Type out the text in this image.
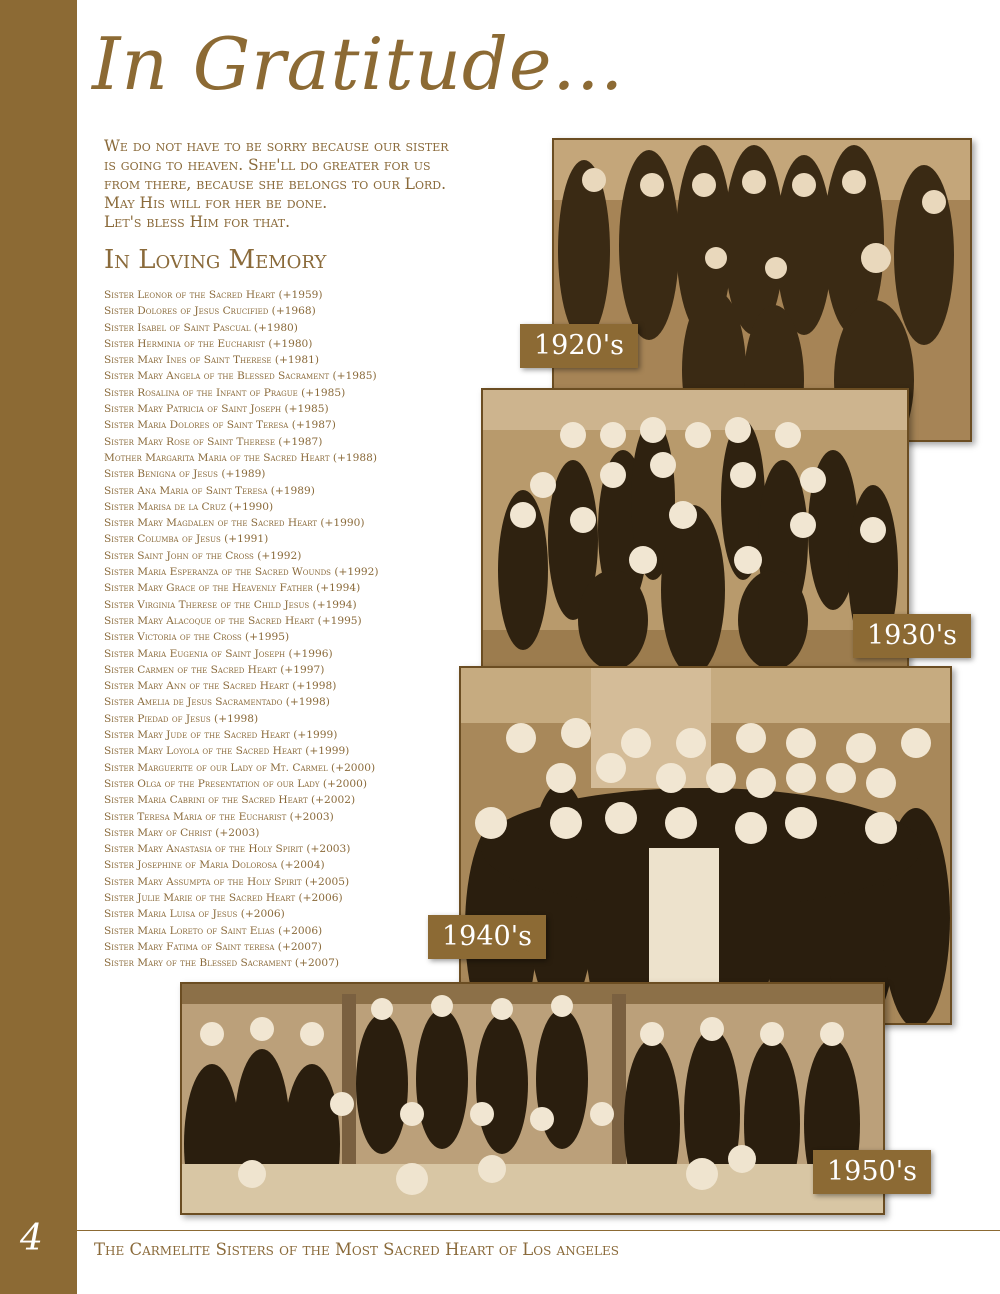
4
In Gratitude...
We do not have to be sorry because our sister
is going to heaven. She'll do greater for us
from there, because she belongs to our Lord.
May His will for her be done.
Let's bless Him for that.
In Loving Memory
Sister Leonor of the Sacred Heart (+1959)
Sister Dolores of Jesus Crucified (+1968)
Sister Isabel of Saint Pascual (+1980)
Sister Herminia of the Eucharist (+1980)
Sister Mary Ines of Saint Therese (+1981)
Sister Mary Angela of the Blessed Sacrament (+1985)
Sister Rosalina of the Infant of Prague (+1985)
Sister Mary Patricia of Saint Joseph (+1985)
Sister Maria Dolores of Saint Teresa (+1987)
Sister Mary Rose of Saint Therese (+1987)
Mother Margarita Maria of the Sacred Heart (+1988)
Sister Benigna of Jesus (+1989)
Sister Ana Maria of Saint Teresa (+1989)
Sister Marisa de la Cruz (+1990)
Sister Mary Magdalen of the Sacred Heart (+1990)
Sister Columba of Jesus (+1991)
Sister Saint John of the Cross (+1992)
Sister Maria Esperanza of the Sacred Wounds (+1992)
Sister Mary Grace of the Heavenly Father (+1994)
Sister Virginia Therese of the Child Jesus (+1994)
Sister Mary Alacoque of the Sacred Heart (+1995)
Sister Victoria of the Cross (+1995)
Sister Maria Eugenia of Saint Joseph (+1996)
Sister Carmen of the Sacred Heart (+1997)
Sister Mary Ann of the Sacred Heart (+1998)
Sister Amelia de Jesus Sacramentado (+1998)
Sister Piedad of Jesus (+1998)
Sister Mary Jude of the Sacred Heart (+1999)
Sister Mary Loyola of the Sacred Heart (+1999)
Sister Marguerite of our Lady of Mt. Carmel (+2000)
Sister Olga of the Presentation of our Lady (+2000)
Sister Maria Cabrini of the Sacred Heart (+2002)
Sister Teresa Maria of the Eucharist (+2003)
Sister Mary of Christ (+2003)
Sister Mary Anastasia of the Holy Spirit (+2003)
Sister Josephine of Maria Dolorosa (+2004)
Sister Mary Assumpta of the Holy Spirit (+2005)
Sister Julie Marie of the Sacred Heart (+2006)
Sister Maria Luisa of Jesus (+2006)
Sister Maria Loreto of Saint Elias (+2006)
Sister Mary Fatima of Saint teresa (+2007)
Sister Mary of the Blessed Sacrament (+2007)
1920's
1930's
1940's
1950's
The Carmelite Sisters of the Most Sacred Heart of Los angeles
